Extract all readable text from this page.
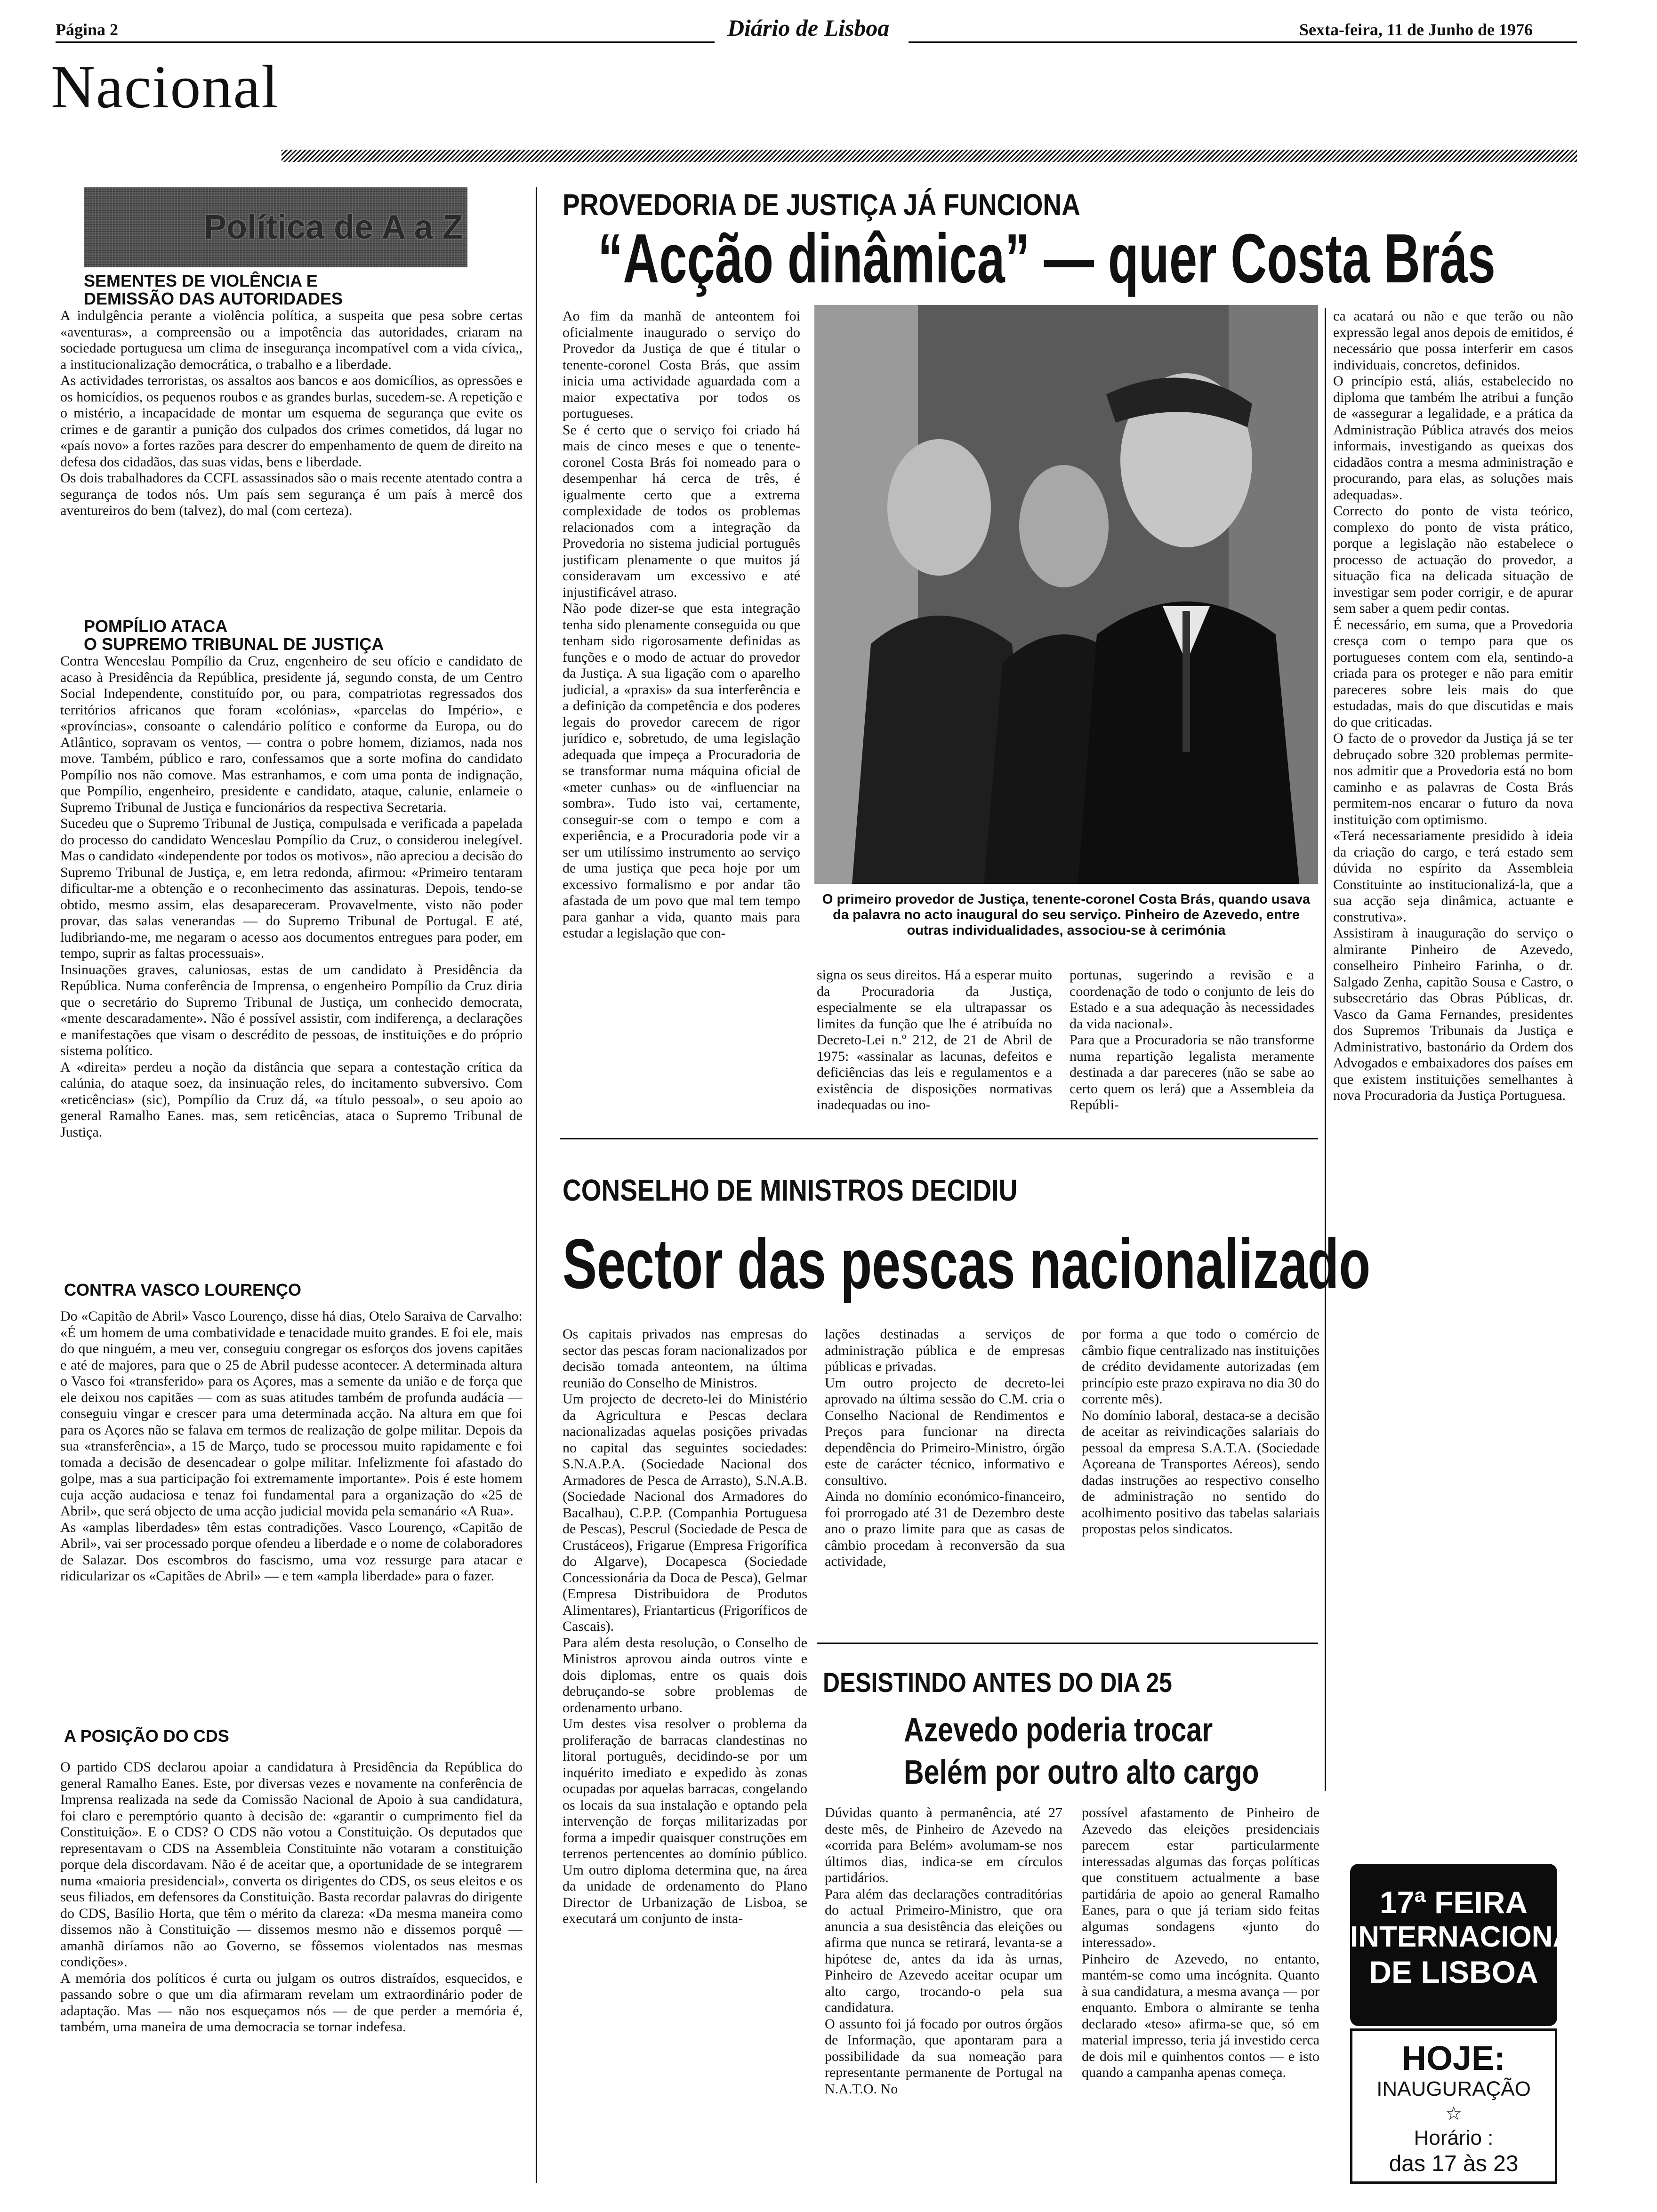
Página 2	Diário de Lisboa	Sexta-feira, 11 de Junho de 1976
Nacional
Política de A a Z

SEMENTES DE VIOLÊNCIA E
DEMISSÃO DAS AUTORIDADES

A indulgência perante a violência política, a suspeita que pesa sobre certas «aventuras», a compreensão ou a impotência das autoridades, criaram na sociedade portuguesa um clima de insegurança incompatível com a vida cívica,, a institucionalização democrática, o trabalho e a liberdade.
As actividades terroristas, os assaltos aos bancos e aos domicílios, as opressões e os homicídios, os pequenos roubos e as grandes burlas, sucedem-se. A repetição e o mistério, a incapacidade de montar um esquema de segurança que evite os crimes e de garantir a punição dos culpados dos crimes cometidos, dá lugar no «país novo» a fortes razões para descrer do empenhamento de quem de direito na defesa dos cidadãos, das suas vidas, bens e liberdade.
Os dois trabalhadores da CCFL assassinados são o mais recente atentado contra a segurança de todos nós. Um país sem segurança é um país à mercê dos aventureiros do bem (talvez), do mal (com certeza).

POMPÍLIO ATACA
O SUPREMO TRIBUNAL DE JUSTIÇA

Contra Wenceslau Pompílio da Cruz, engenheiro de seu ofício e candidato de acaso à Presidência da República, presidente já, segundo consta, de um Centro Social Independente, constituído por, ou para, compatriotas regressados dos territórios africanos que foram «colónias», «parcelas do Império», e «províncias», consoante o calendário político e conforme da Europa, ou do Atlântico, sopravam os ventos, — contra o pobre homem, diziamos, nada nos move. Também, público e raro, confessamos que a sorte mofina do candidato Pompílio nos não comove. Mas estranhamos, e com uma ponta de indignação, que Pompílio, engenheiro, presidente e candidato, ataque, calunie, enlameie o Supremo Tribunal de Justiça e funcionários da respectiva Secretaria.
Sucedeu que o Supremo Tribunal de Justiça, compulsada e verificada a papelada do processo do candidato Wenceslau Pompílio da Cruz, o considerou inelegível. Mas o candidato «independente por todos os motivos», não apreciou a decisão do Supremo Tribunal de Justiça, e, em letra redonda, afirmou: «Primeiro tentaram dificultar-me a obtenção e o reconhecimento das assinaturas. Depois, tendo-se obtido, mesmo assim, elas desapareceram. Provavelmente, visto não poder provar, das salas venerandas — do Supremo Tribunal de Portugal. E até, ludibriando-me, me negaram o acesso aos documentos entregues para poder, em tempo, suprir as faltas processuais».
Insinuações graves, caluniosas, estas de um candidato à Presidência da República. Numa conferência de Imprensa, o engenheiro Pompílio da Cruz diria que o secretário do Supremo Tribunal de Justiça, um conhecido democrata, «mente descaradamente». Não é possível assistir, com indiferença, a declarações e manifestações que visam o descrédito de pessoas, de instituições e do próprio sistema político.
A «direita» perdeu a noção da distância que separa a contestação crítica da calúnia, do ataque soez, da insinuação reles, do incitamento subversivo. Com «reticências» (sic), Pompílio da Cruz dá, «a título pessoal», o seu apoio ao general Ramalho Eanes. mas, sem reticências, ataca o Supremo Tribunal de Justiça.

CONTRA VASCO LOURENÇO

Do «Capitão de Abril» Vasco Lourenço, disse há dias, Otelo Saraiva de Carvalho: «É um homem de uma combatividade e tenacidade muito grandes. E foi ele, mais do que ninguém, a meu ver, conseguiu congregar os esforços dos jovens capitães e até de majores, para que o 25 de Abril pudesse acontecer. A determinada altura o Vasco foi «transferido» para os Açores, mas a semente da união e de força que ele deixou nos capitães — com as suas atitudes também de profunda audácia — conseguiu vingar e crescer para uma determinada acção. Na altura em que foi para os Açores não se falava em termos de realização de golpe militar. Depois da sua «transferência», a 15 de Março, tudo se processou muito rapidamente e foi tomada a decisão de desencadear o golpe militar. Infelizmente foi afastado do golpe, mas a sua participação foi extremamente importante». Pois é este homem cuja acção audaciosa e tenaz foi fundamental para a organização do «25 de Abril», que será objecto de uma acção judicial movida pela semanário «A Rua».
As «amplas liberdades» têm estas contradições. Vasco Lourenço, «Capitão de Abril», vai ser processado porque ofendeu a liberdade e o nome de colaboradores de Salazar. Dos escombros do fascismo, uma voz ressurge para atacar e ridicularizar os «Capitães de Abril» — e tem «ampla liberdade» para o fazer.

A POSIÇÃO DO CDS

O partido CDS declarou apoiar a candidatura à Presidência da República do general Ramalho Eanes. Este, por diversas vezes e novamente na conferência de Imprensa realizada na sede da Comissão Nacional de Apoio à sua candidatura, foi claro e peremptório quanto à decisão de: «garantir o cumprimento fiel da Constituição». E o CDS? O CDS não votou a Constituição. Os deputados que representavam o CDS na Assembleia Constituinte não votaram a constituição porque dela discordavam. Não é de aceitar que, a oportunidade de se integrarem numa «maioria presidencial», converta os dirigentes do CDS, os seus eleitos e os seus filiados, em defensores da Constituição. Basta recordar palavras do dirigente do CDS, Basílio Horta, que têm o mérito da clareza: «Da mesma maneira como dissemos não à Constituição — dissemos mesmo não e dissemos porquê — amanhã diríamos não ao Governo, se fôssemos violentados nas mesmas condições».
A memória dos políticos é curta ou julgam os outros distraídos, esquecidos, e passando sobre o que um dia afirmaram revelam um extraordinário poder de adaptação. Mas — não nos esqueçamos nós — de que perder a memória é, também, uma maneira de uma democracia se tornar indefesa.

PROVEDORIA DE JUSTIÇA JÁ FUNCIONA
“Acção dinâmica” — quer Costa Brás

Ao fim da manhã de anteontem foi oficialmente inaugurado o serviço do Provedor da Justiça de que é titular o tenente-coronel Costa Brás, que assim inicia uma actividade aguardada com a maior expectativa por todos os portugueses.
Se é certo que o serviço foi criado há mais de cinco meses e que o tenente-coronel Costa Brás foi nomeado para o desempenhar há cerca de três, é igualmente certo que a extrema complexidade de todos os problemas relacionados com a integração da Provedoria no sistema judicial português justificam plenamente o que muitos já consideravam um excessivo e até injustificável atraso.
Não pode dizer-se que esta integração tenha sido plenamente conseguida ou que tenham sido rigorosamente definidas as funções e o modo de actuar do provedor da Justiça. A sua ligação com o aparelho judicial, a «praxis» da sua interferência e a definição da competência e dos poderes legais do provedor carecem de rigor jurídico e, sobretudo, de uma legislação adequada que impeça a Procuradoria de se transformar numa máquina oficial de «meter cunhas» ou de «influenciar na sombra». Tudo isto vai, certamente, conseguir-se com o tempo e com a experiência, e a Procuradoria pode vir a ser um utilíssimo instrumento ao serviço de uma justiça que peca hoje por um excessivo formalismo e por andar tão afastada de um povo que mal tem tempo para ganhar a vida, quanto mais para estudar a legislação que con-

O primeiro provedor de Justiça, tenente-coronel Costa Brás, quando usava da palavra no acto inaugural do seu serviço. Pinheiro de Azevedo, entre outras individualidades, associou-se à cerimónia

signa os seus direitos. Há a esperar muito da Procuradoria da Justiça, especialmente se ela ultrapassar os limites da função que lhe é atribuída no Decreto-Lei n.º 212, de 21 de Abril de 1975: «assinalar as lacunas, defeitos e deficiências das leis e regulamentos e a existência de disposições normativas inadequadas ou ino-

portunas, sugerindo a revisão e a coordenação de todo o conjunto de leis do Estado e a sua adequação às necessidades da vida nacional».
Para que a Procuradoria se não transforme numa repartição legalista meramente destinada a dar pareceres (não se sabe ao certo quem os lerá) que a Assembleia da Repúbli-

ca acatará ou não e que terão ou não expressão legal anos depois de emitidos, é necessário que possa interferir em casos individuais, concretos, definidos.
O princípio está, aliás, estabelecido no diploma que também lhe atribui a função de «assegurar a legalidade, e a prática da Administração Pública através dos meios informais, investigando as queixas dos cidadãos contra a mesma administração e procurando, para elas, as soluções mais adequadas».
Correcto do ponto de vista teórico, complexo do ponto de vista prático, porque a legislação não estabelece o processo de actuação do provedor, a situação fica na delicada situação de investigar sem poder corrigir, e de apurar sem saber a quem pedir contas.
É necessário, em suma, que a Provedoria cresça com o tempo para que os portugueses contem com ela, sentindo-a criada para os proteger e não para emitir pareceres sobre leis mais do que estudadas, mais do que discutidas e mais do que criticadas.
O facto de o provedor da Justiça já se ter debruçado sobre 320 problemas permite-nos admitir que a Provedoria está no bom caminho e as palavras de Costa Brás permitem-nos encarar o futuro da nova instituição com optimismo.
«Terá necessariamente presidido à ideia da criação do cargo, e terá estado sem dúvida no espírito da Assembleia Constituinte ao institucionalizá-la, que a sua acção seja dinâmica, actuante e construtiva».
Assistiram à inauguração do serviço o almirante Pinheiro de Azevedo, conselheiro Pinheiro Farinha, o dr. Salgado Zenha, capitão Sousa e Castro, o subsecretário das Obras Públicas, dr. Vasco da Gama Fernandes, presidentes dos Supremos Tribunais da Justiça e Administrativo, bastonário da Ordem dos Advogados e embaixadores dos países em que existem instituições semelhantes à nova Procuradoria da Justiça Portuguesa.

CONSELHO DE MINISTROS DECIDIU
Sector das pescas nacionalizado

Os capitais privados nas empresas do sector das pescas foram nacionalizados por decisão tomada anteontem, na última reunião do Conselho de Ministros.
Um projecto de decreto-lei do Ministério da Agricultura e Pescas declara nacionalizadas aquelas posições privadas no capital das seguintes sociedades: S.N.A.P.A. (Sociedade Nacional dos Armadores de Pesca de Arrasto), S.N.A.B. (Sociedade Nacional dos Armadores do Bacalhau), C.P.P. (Companhia Portuguesa de Pescas), Pescrul (Sociedade de Pesca de Crustáceos), Frigarue (Empresa Frigorífica do Algarve), Docapesca (Sociedade Concessionária da Doca de Pesca), Gelmar (Empresa Distribuidora de Produtos Alimentares), Friantarticus (Frigoríficos de Cascais).
Para além desta resolução, o Conselho de Ministros aprovou ainda outros vinte e dois diplomas, entre os quais dois debruçando-se sobre problemas de ordenamento urbano.
Um destes visa resolver o problema da proliferação de barracas clandestinas no litoral português, decidindo-se por um inquérito imediato e expedido às zonas ocupadas por aquelas barracas, congelando os locais da sua instalação e optando pela intervenção de forças militarizadas por forma a impedir quaisquer construções em terrenos pertencentes ao domínio público. Um outro diploma determina que, na área da unidade de ordenamento do Plano Director de Urbanização de Lisboa, se executará um conjunto de insta-

lações destinadas a serviços de administração pública e de empresas públicas e privadas.
Um outro projecto de decreto-lei aprovado na última sessão do C.M. cria o Conselho Nacional de Rendimentos e Preços para funcionar na directa dependência do Primeiro-Ministro, órgão este de carácter técnico, informativo e consultivo.
Ainda no domínio económico-financeiro, foi prorrogado até 31 de Dezembro deste ano o prazo limite para que as casas de câmbio procedam à reconversão da sua actividade,

por forma a que todo o comércio de câmbio fique centralizado nas instituições de crédito devidamente autorizadas (em princípio este prazo expirava no dia 30 do corrente mês).
No domínio laboral, destaca-se a decisão de aceitar as reivindicações salariais do pessoal da empresa S.A.T.A. (Sociedade Açoreana de Transportes Aéreos), sendo dadas instruções ao respectivo conselho de administração no sentido do acolhimento positivo das tabelas salariais propostas pelos sindicatos.

DESISTINDO ANTES DO DIA 25
Azevedo poderia trocar
Belém por outro alto cargo

Dúvidas quanto à permanência, até 27 deste mês, de Pinheiro de Azevedo na «corrida para Belém» avolumam-se nos últimos dias, indica-se em círculos partidários.
Para além das declarações contraditórias do actual Primeiro-Ministro, que ora anuncia a sua desistência das eleições ou afirma que nunca se retirará, levanta-se a hipótese de, antes da ida às urnas, Pinheiro de Azevedo aceitar ocupar um alto cargo, trocando-o pela sua candidatura.
O assunto foi já focado por outros órgãos de Informação, que apontaram para a possibilidade da sua nomeação para representante permanente de Portugal na N.A.T.O. No

possível afastamento de Pinheiro de Azevedo das eleições presidenciais parecem estar particularmente interessadas algumas das forças políticas que constituem actualmente a base partidária de apoio ao general Ramalho Eanes, para o que já teriam sido feitas algumas sondagens «junto do interessado».
Pinheiro de Azevedo, no entanto, mantém-se como uma incógnita. Quanto à sua candidatura, a mesma avança — por enquanto. Embora o almirante se tenha declarado «teso» afirma-se que, só em material impresso, teria já investido cerca de dois mil e quinhentos contos — e isto quando a campanha apenas começa.

17ª FEIRA
INTERNACIONAL
DE LISBOA
HOJE:
INAUGURAÇÃO
☆
Horário :
das 17 às 23
